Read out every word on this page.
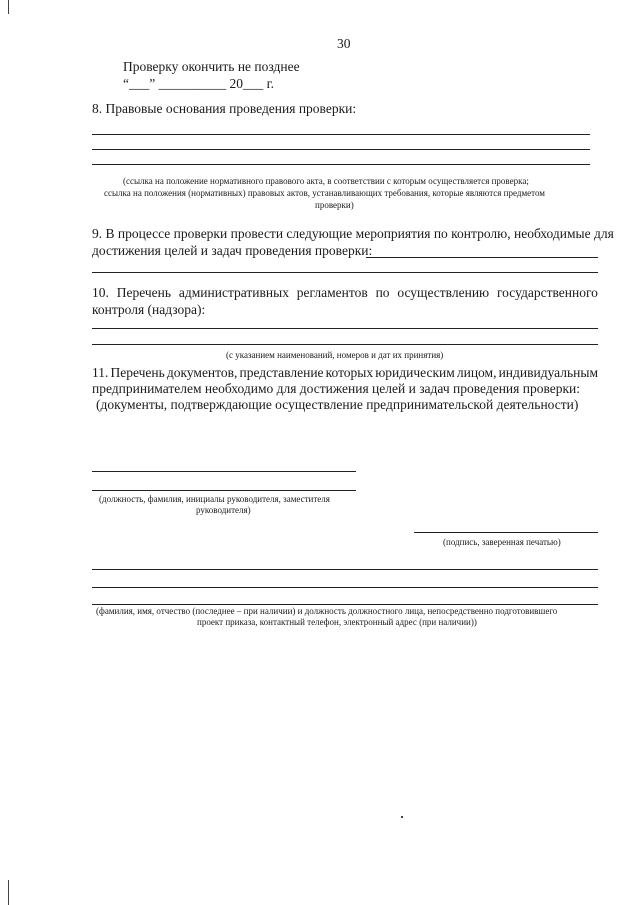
30
Проверку окончить не позднее
“___” __________ 20___ г.
8. Правовые основания проведения проверки:
(ссылка на положение нормативного правового акта, в соответствии с которым осуществляется проверка;
ссылка на положения (нормативных) правовых актов, устанавливающих требования, которые являются предметом
проверки)
9. В процессе проверки провести следующие мероприятия по контролю, необходимые для
достижения целей и задач проведения проверки:
10. Перечень административных регламентов по осуществлению государственного
контроля (надзора):
(с указанием наименований, номеров и дат их принятия)
11. Перечень документов, представление которых юридическим лицом, индивидуальным
предпринимателем необходимо для достижения целей и задач проведения проверки:
(документы, подтверждающие осуществление предпринимательской деятельности)
(должность, фамилия, инициалы руководителя, заместителя
руководителя)
(подпись, заверенная печатью)
(фамилия, имя, отчество (последнее – при наличии) и должность должностного лица, непосредственно подготовившего
проект приказа, контактный телефон, электронный адрес (при наличии))
